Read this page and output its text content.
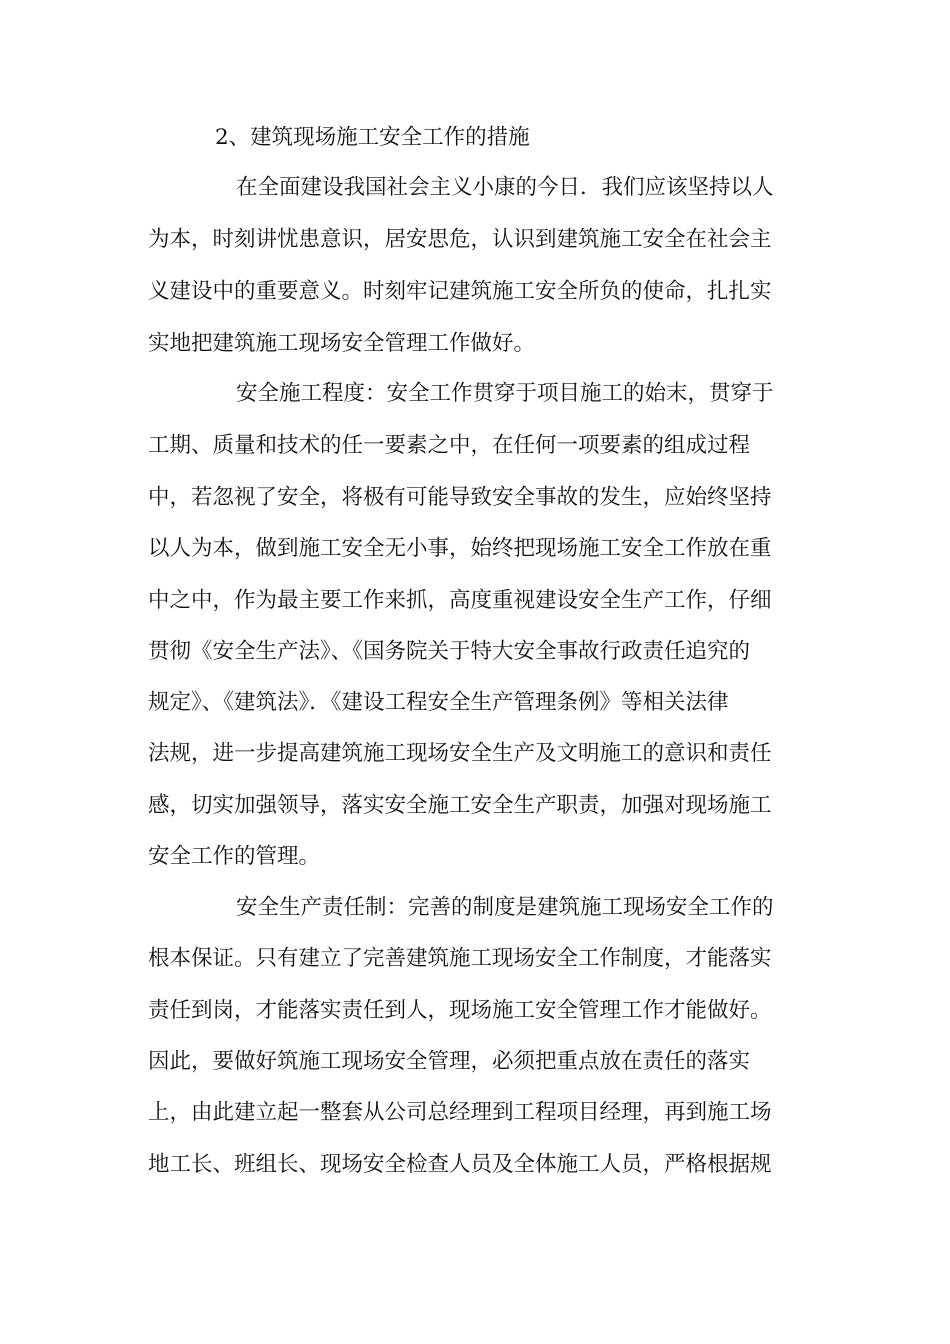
2、建筑现场施工安全工作的措施
在全面建设我国社会主义小康的今日．我们应该坚持以人
为本，时刻讲忧患意识，居安思危，认识到建筑施工安全在社会主
义建设中的重要意义。时刻牢记建筑施工安全所负的使命，扎扎实
实地把建筑施工现场安全管理工作做好。
安全施工程度：安全工作贯穿于项目施工的始末，贯穿于
工期、质量和技术的任一要素之中，在任何一项要素的组成过程
中，若忽视了安全，将极有可能导致安全事故的发生，应始终坚持
以人为本，做到施工安全无小事，始终把现场施工安全工作放在重
中之中，作为最主要工作来抓，高度重视建设安全生产工作，仔细
贯彻《安全生产法》、《国务院关于特大安全事故行政责任追究的
规定》、《建筑法》．《建设工程安全生产管理条例》等相关法律
法规，进一步提高建筑施工现场安全生产及文明施工的意识和责任
感，切实加强领导，落实安全施工安全生产职责，加强对现场施工
安全工作的管理。
安全生产责任制：完善的制度是建筑施工现场安全工作的
根本保证。只有建立了完善建筑施工现场安全工作制度，才能落实
责任到岗，才能落实责任到人，现场施工安全管理工作才能做好。
因此，要做好筑施工现场安全管理，必须把重点放在责任的落实
上，由此建立起一整套从公司总经理到工程项目经理，再到施工场
地工长、班组长、现场安全检查人员及全体施工人员，严格根据规
